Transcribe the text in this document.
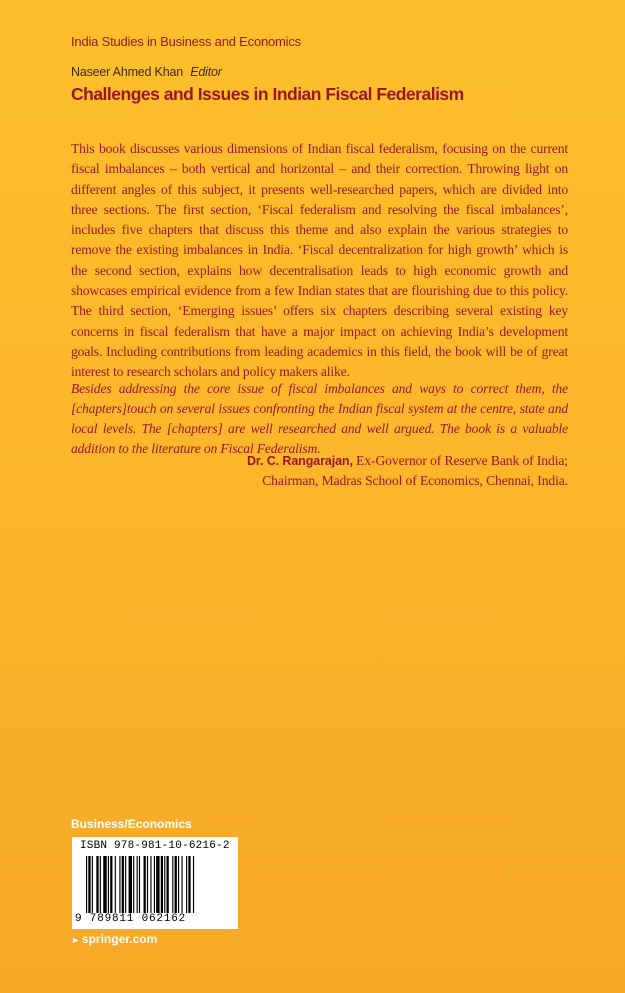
India Studies in Business and Economics
Naseer Ahmed Khan Editor
Challenges and Issues in Indian Fiscal Federalism

This book discusses various dimensions of Indian fiscal federalism, focusing on the current fiscal imbalances – both vertical and horizontal – and their correction. Throwing light on different angles of this subject, it presents well-researched papers, which are divided into three sections. The first section, ‘Fiscal federalism and resolving the fiscal imbalances’, includes five chapters that discuss this theme and also explain the various strategies to remove the existing imbalances in India. ‘Fiscal decentralization for high growth’ which is the second section, explains how decentralisation leads to high economic growth and showcases empirical evidence from a few Indian states that are flourishing due to this policy. The third section, ‘Emerging issues’ offers six chapters describing several existing key concerns in fiscal federalism that have a major impact on achieving India’s development goals. Including contributions from leading academics in this field, the book will be of great interest to research scholars and policy makers alike.

Besides addressing the core issue of fiscal imbalances and ways to correct them, the [chapters]touch on several issues confronting the Indian fiscal system at the centre, state and local levels. The [chapters] are well researched and well argued. The book is a valuable addition to the literature on Fiscal Federalism.

Dr. C. Rangarajan, Ex-Governor of Reserve Bank of India;
Chairman, Madras School of Economics, Chennai, India.
Business/Economics
ISBN 978-981-10-6216-2
9 789811 062162
► springer.com
